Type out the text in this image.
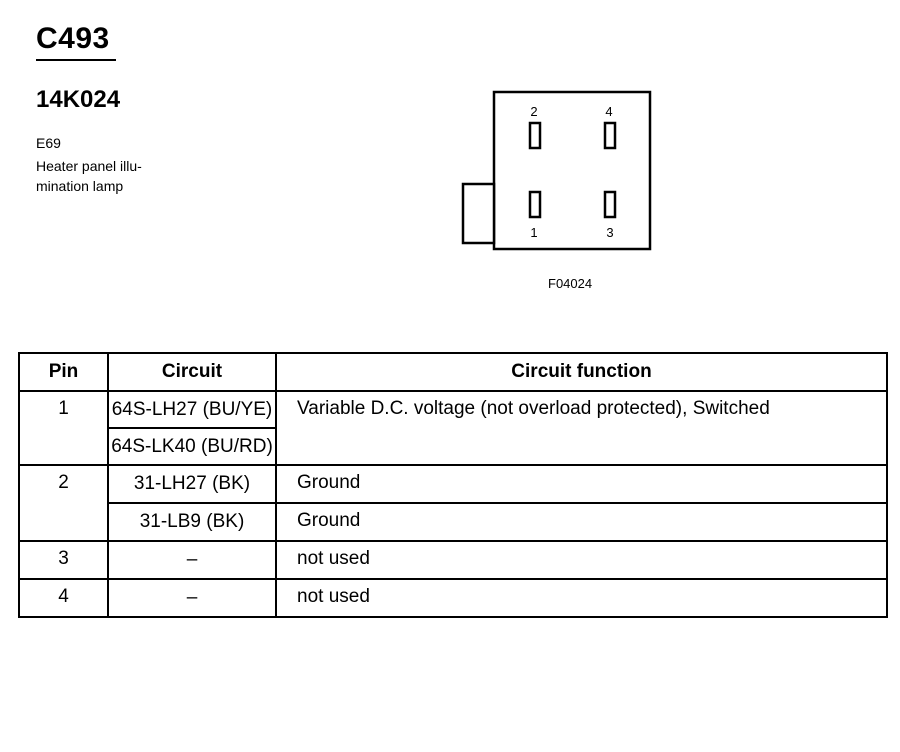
C493
14K024
E69
Heater panel illu- mination lamp
2	4
1	3
F04024
Pin	Circuit	Circuit function
1	64S-LH27 (BU/YE)	Variable D.C. voltage (not overload protected), Switched
	64S-LK40 (BU/RD)	
2	31-LH27 (BK)	Ground
	31-LB9 (BK)	Ground
3	–	not used
4	–	not used
